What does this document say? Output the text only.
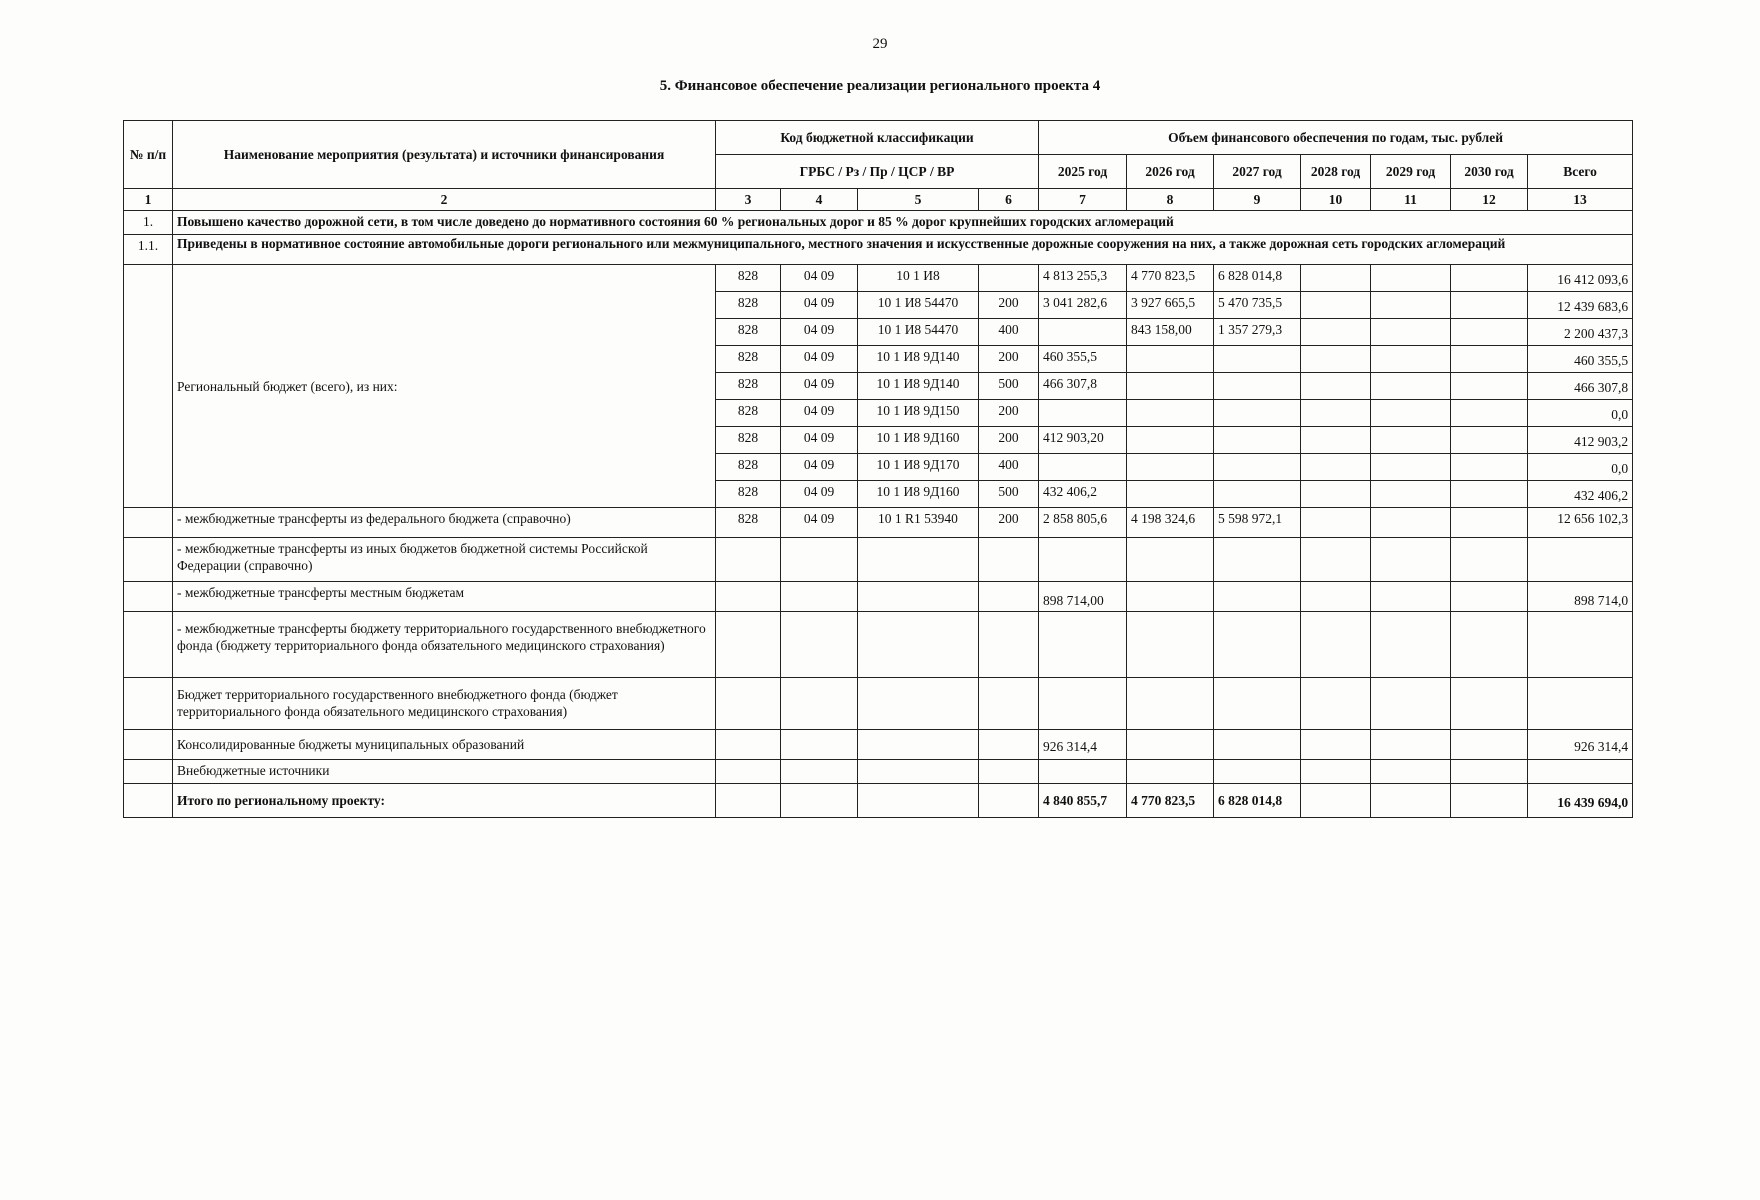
29
5. Финансовое обеспечение реализации регионального проекта 4
№ п/п	Наименование мероприятия (результата) и источники финансирования	Код бюджетной классификации				Объем финансового обеспечения по годам, тыс. рублей						
		ГРБС / Рз / Пр / ЦСР / ВР				2025 год	2026 год	2027 год	2028 год	2029 год	2030 год	Всего
1	2	3	4	5	6	7	8	9	10	11	12	13
1.	Повышено качество дорожной сети, в том числе доведено до нормативного состояния 60 % региональных дорог и 85 % дорог крупнейших городских агломераций											
1.1.	Приведены в нормативное состояние автомобильные дороги регионального или межмуниципального, местного значения и искусственные дорожные сооружения на них, а также дорожная сеть городских агломераций											
	Региональный бюджет (всего), из них:	828	04 09	10 1 И8		4 813 255,3	4 770 823,5	6 828 014,8				16 412 093,6
		828	04 09	10 1 И8 54470	200	3 041 282,6	3 927 665,5	5 470 735,5				12 439 683,6
		828	04 09	10 1 И8 54470	400		843 158,00	1 357 279,3				2 200 437,3
		828	04 09	10 1 И8 9Д140	200	460 355,5						460 355,5
		828	04 09	10 1 И8 9Д140	500	466 307,8						466 307,8
		828	04 09	10 1 И8 9Д150	200							0,0
		828	04 09	10 1 И8 9Д160	200	412 903,20						412 903,2
		828	04 09	10 1 И8 9Д170	400							0,0
		828	04 09	10 1 И8 9Д160	500	432 406,2						432 406,2
	- межбюджетные трансферты из федерального бюджета (справочно)	828	04 09	10 1 R1 53940	200	2 858 805,6	4 198 324,6	5 598 972,1				12 656 102,3
	- межбюджетные трансферты из иных бюджетов бюджетной системы Российской Федерации (справочно)											
	- межбюджетные трансферты местным бюджетам					898 714,00						898 714,0
	- межбюджетные трансферты бюджету территориального государственного внебюджетного фонда (бюджету территориального фонда обязательного медицинского страхования)											
	Бюджет территориального государственного внебюджетного фонда (бюджет территориального фонда обязательного медицинского страхования)											
	Консолидированные бюджеты муниципальных образований					926 314,4						926 314,4
	Внебюджетные источники											
	Итого по региональному проекту:					4 840 855,7	4 770 823,5	6 828 014,8				16 439 694,0
